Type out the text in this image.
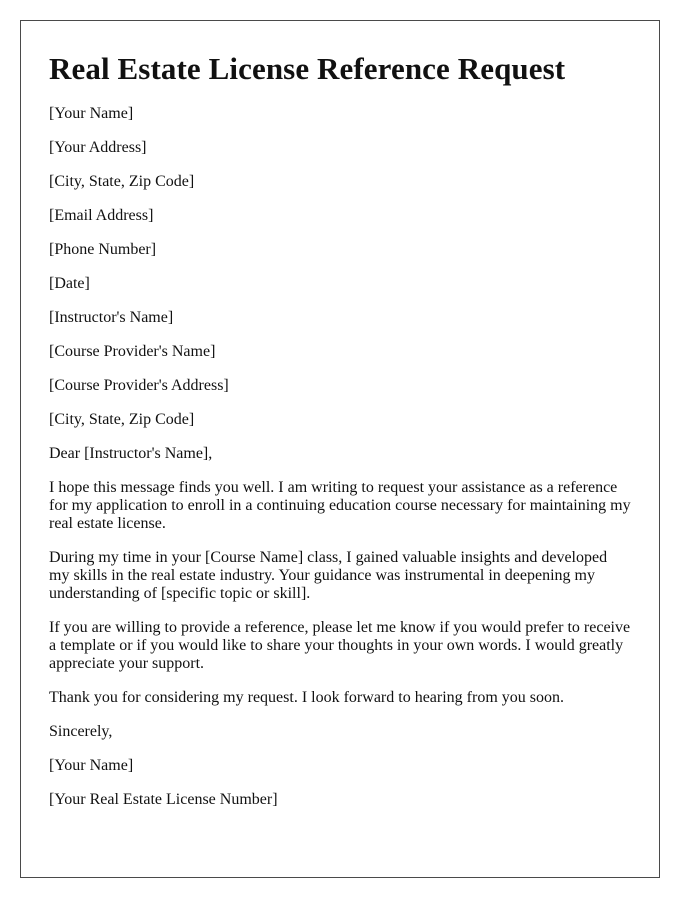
Real Estate License Reference Request

[Your Name]

[Your Address]

[City, State, Zip Code]

[Email Address]

[Phone Number]

[Date]

[Instructor's Name]

[Course Provider's Name]

[Course Provider's Address]

[City, State, Zip Code]

Dear [Instructor's Name],

I hope this message finds you well. I am writing to request your assistance as a reference for my application to enroll in a continuing education course necessary for maintaining my real estate license.

During my time in your [Course Name] class, I gained valuable insights and developed my skills in the real estate industry. Your guidance was instrumental in deepening my understanding of [specific topic or skill].

If you are willing to provide a reference, please let me know if you would prefer to receive a template or if you would like to share your thoughts in your own words. I would greatly appreciate your support.

Thank you for considering my request. I look forward to hearing from you soon.

Sincerely,

[Your Name]

[Your Real Estate License Number]
